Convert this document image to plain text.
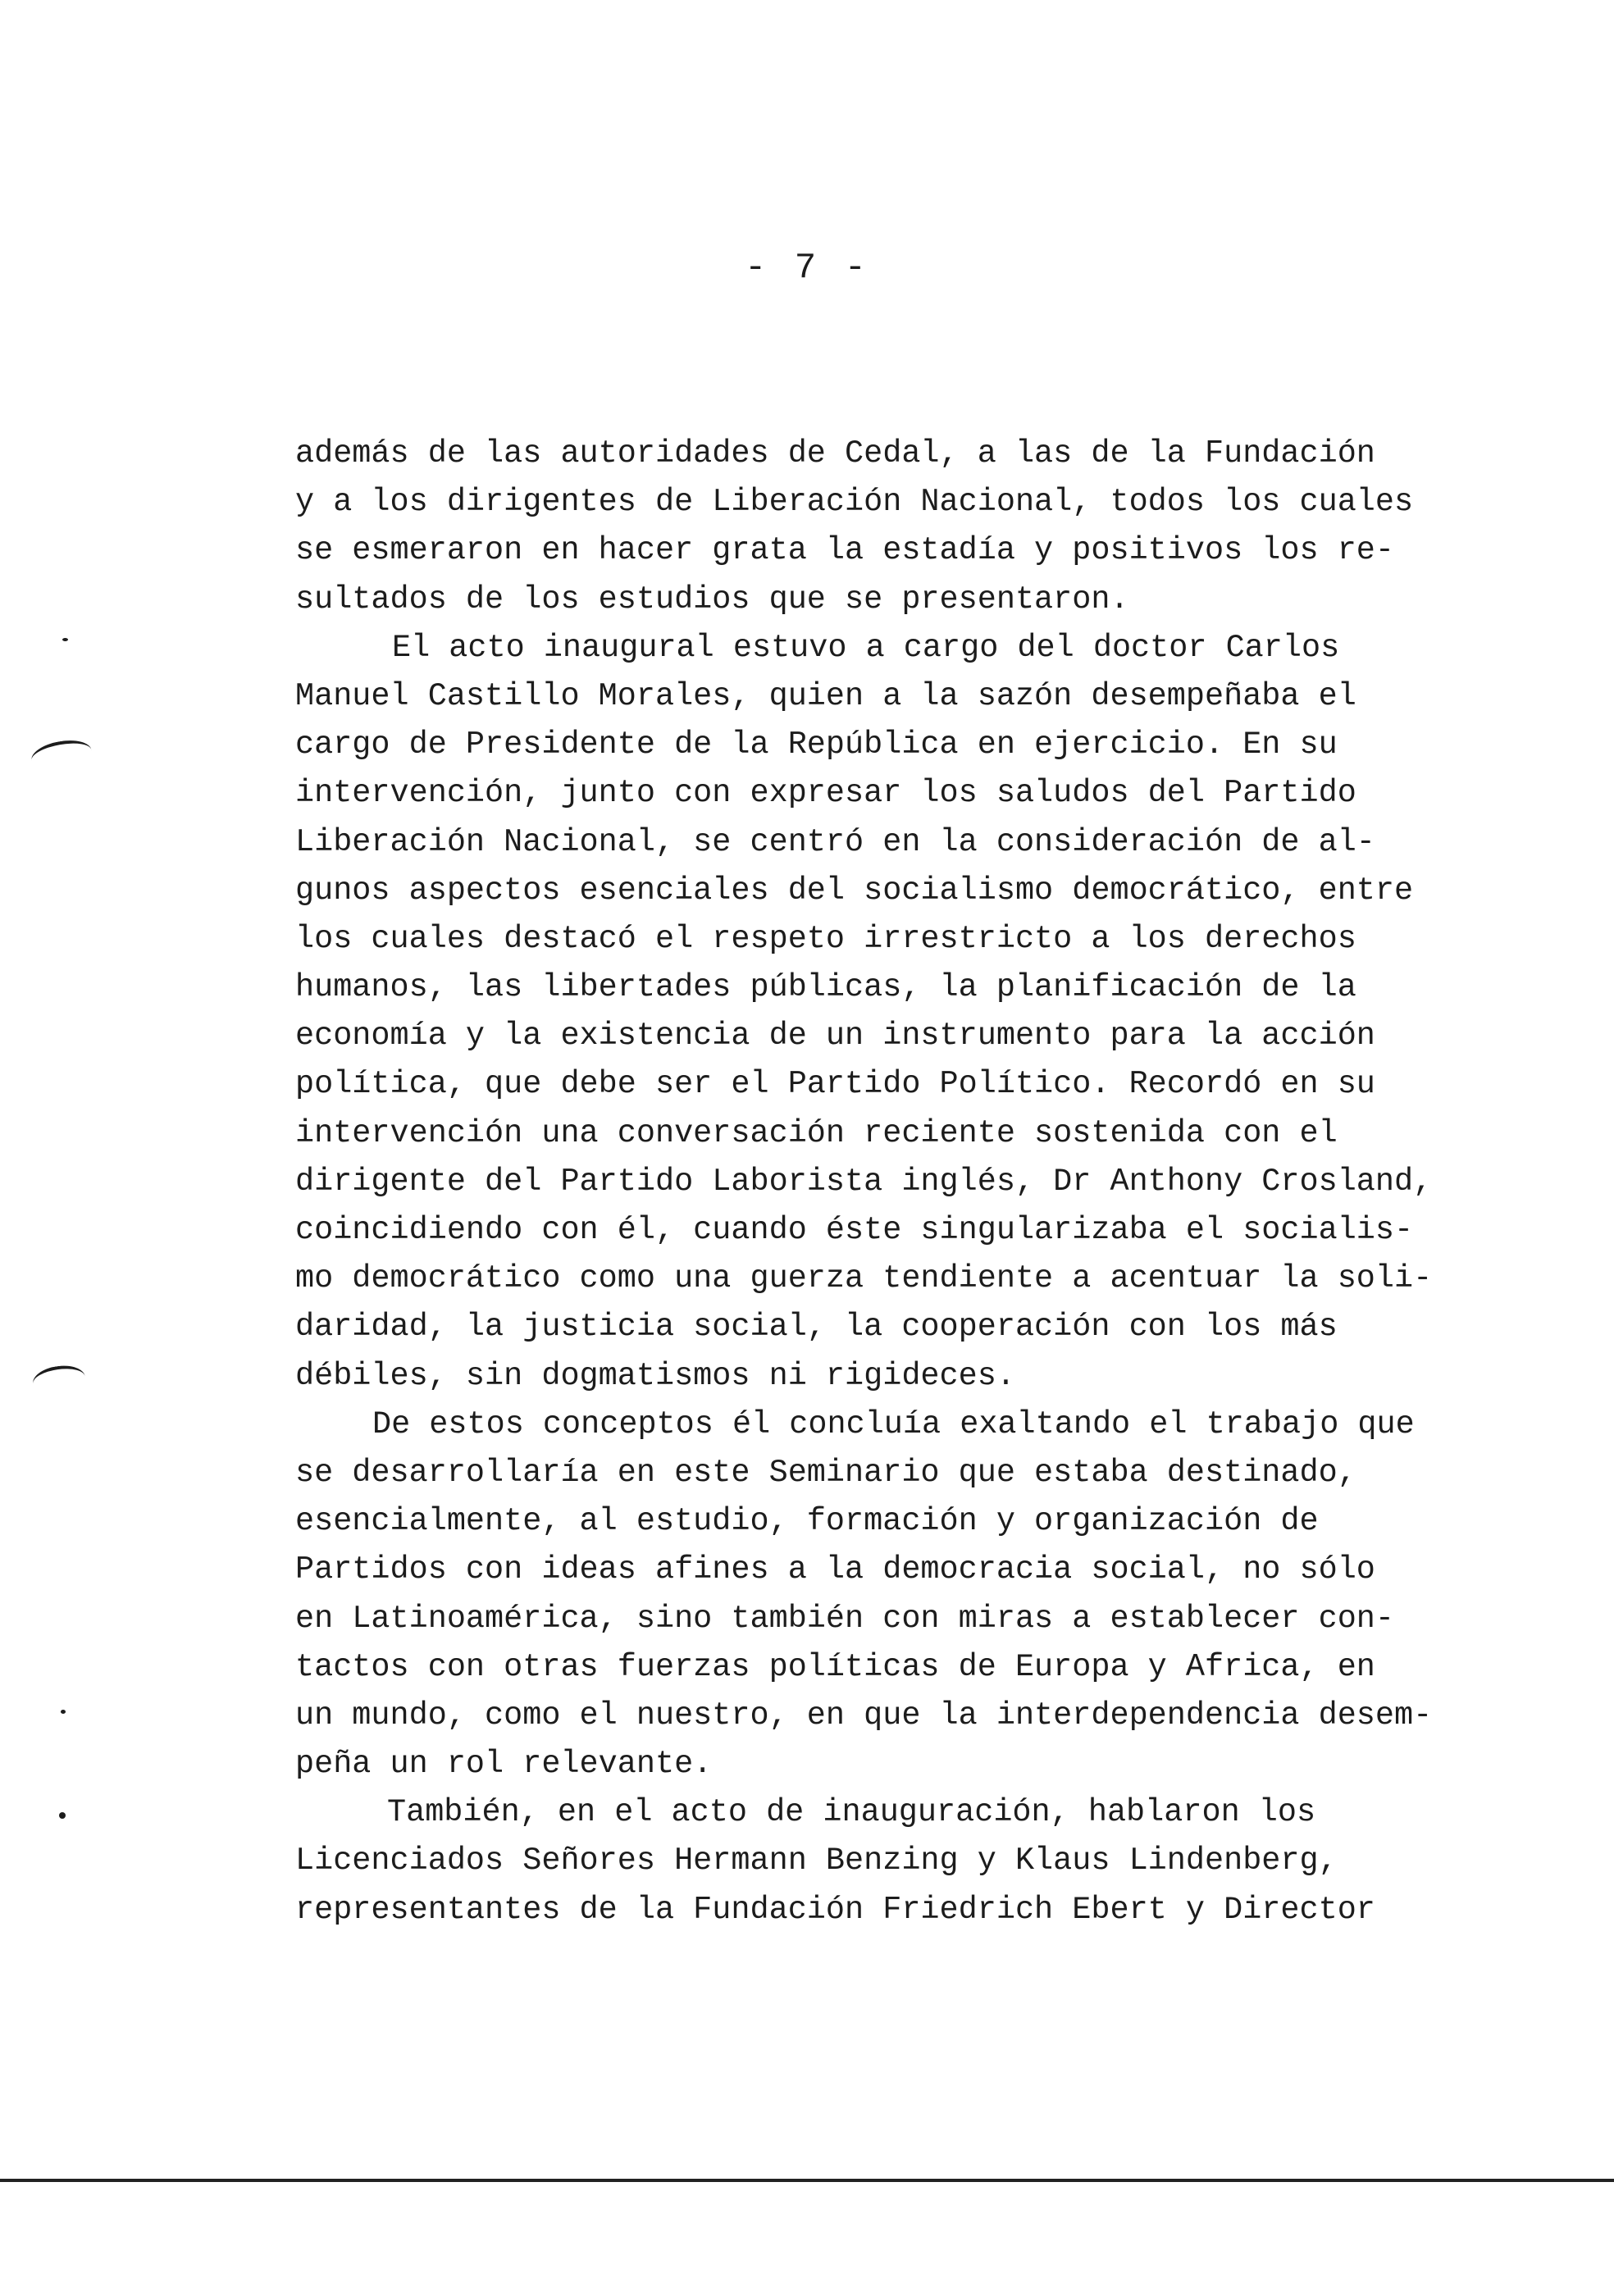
- 7 -
además de las autoridades de Cedal, a las de la Fundación
y a los dirigentes de Liberación Nacional, todos los cuales
se esmeraron en hacer grata la estadía y positivos los re-
sultados de los estudios que se presentaron.
El acto inaugural estuvo a cargo del doctor Carlos
Manuel Castillo Morales, quien a la sazón desempeñaba el
cargo de Presidente de la República en ejercicio. En su
intervención, junto con expresar los saludos del Partido
Liberación Nacional, se centró en la consideración de al-
gunos aspectos esenciales del socialismo democrático, entre
los cuales destacó el respeto irrestricto a los derechos
humanos, las libertades públicas, la planificación de la
economía y la existencia de un instrumento para la acción
política, que debe ser el Partido Político. Recordó en su
intervención una conversación reciente sostenida con el
dirigente del Partido Laborista inglés, Dr Anthony Crosland,
coincidiendo con él, cuando éste singularizaba el socialis-
mo democrático como una guerza tendiente a acentuar la soli-
daridad, la justicia social, la cooperación con los más
débiles, sin dogmatismos ni rigideces.
De estos conceptos él concluía exaltando el trabajo que
se desarrollaría en este Seminario que estaba destinado,
esencialmente, al estudio, formación y organización de
Partidos con ideas afines a la democracia social, no sólo
en Latinoamérica, sino también con miras a establecer con-
tactos con otras fuerzas políticas de Europa y Africa, en
un mundo, como el nuestro, en que la interdependencia desem-
peña un rol relevante.
También, en el acto de inauguración, hablaron los
Licenciados Señores Hermann Benzing y Klaus Lindenberg,
representantes de la Fundación Friedrich Ebert y Director
